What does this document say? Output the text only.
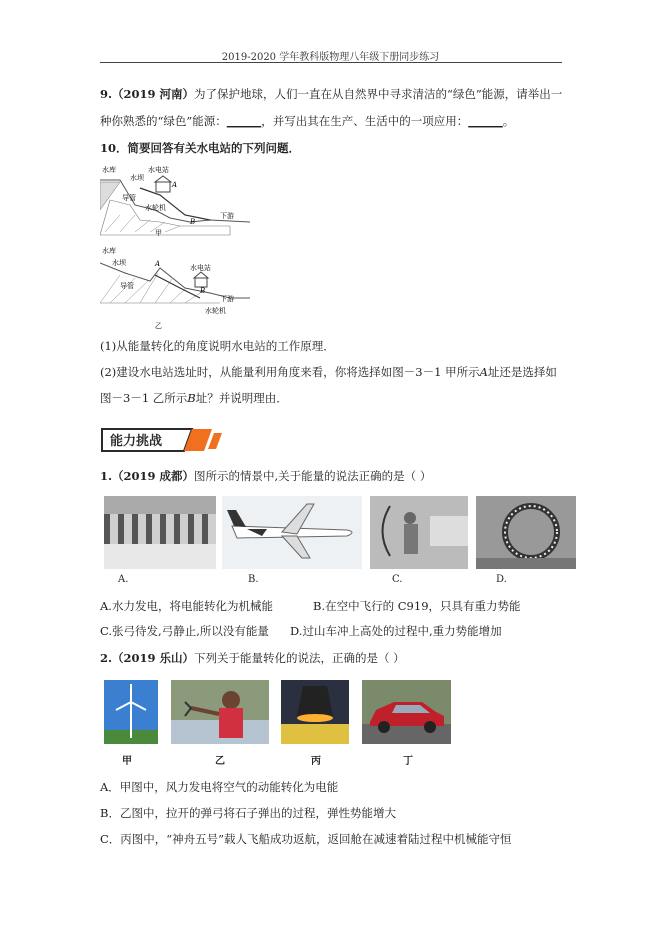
2019-2020 学年教科版物理八年级下册同步练习
9.（2019 河南）为了保护地球，人们一直在从自然界中寻求清洁的“绿色”能源，请举出一
种你熟悉的“绿色”能源：______，并写出其在生产、生活中的一项应用：______。
10．简要回答有关水电站的下列问题．
水库	水电站
水坝
A
导管
水轮机
B
下游
甲
水库
水坝	A	水电站
导管
B
下游
水轮机
乙
(1)从能量转化的角度说明水电站的工作原理．
(2)建设水电站选址时，从能量利用角度来看，你将选择如图－3－1 甲所示A址还是选择如
图－3－1 乙所示B址？并说明理由．
能力挑战
1.（2019 成都）图所示的情景中,关于能量的说法正确的是（ ）
A.	B.	C.	D.
A.水力发电，将电能转化为机械能	B.在空中飞行的 C919，只具有重力势能
C.张弓待发,弓静止,所以没有能量 D.过山车冲上高处的过程中,重力势能增加
2.（2019 乐山）下列关于能量转化的说法，正确的是（ ）
甲	乙	丙	丁
A．甲图中，风力发电将空气的动能转化为电能
B．乙图中，拉开的弹弓将石子弹出的过程，弹性势能增大
C．丙图中，“神舟五号”载人飞船成功返航，返回舱在减速着陆过程中机械能守恒
